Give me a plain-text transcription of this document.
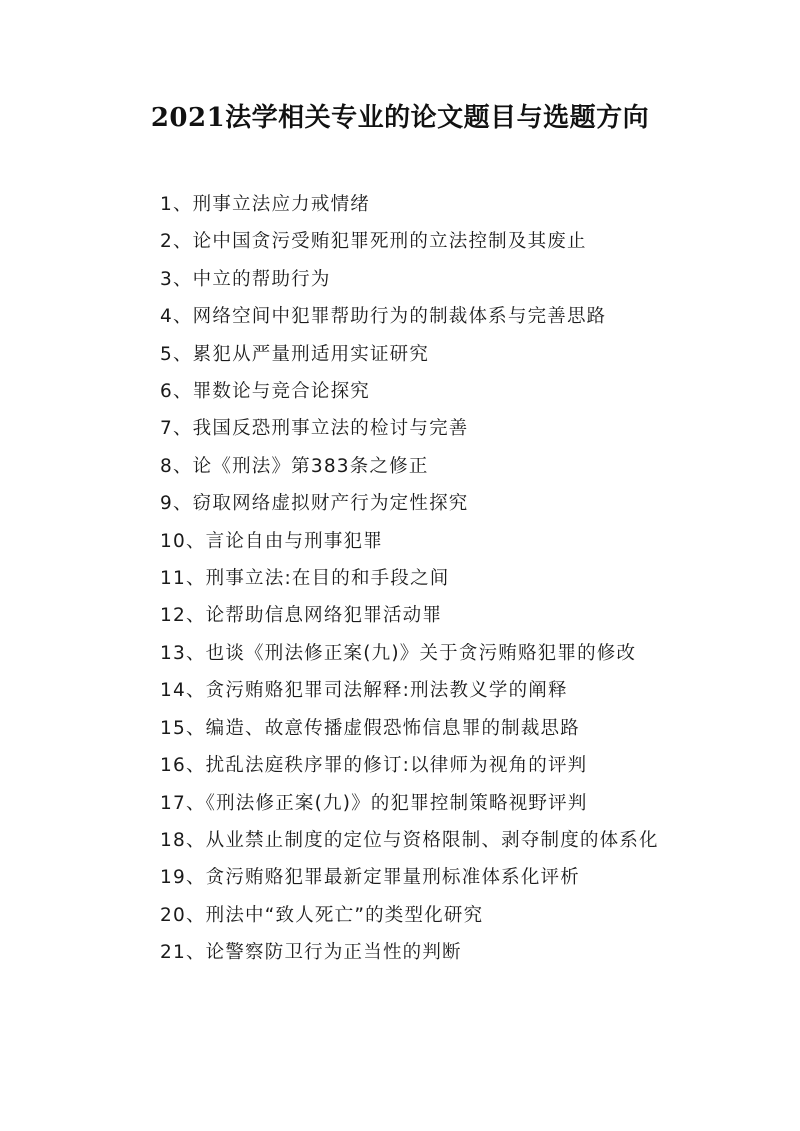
2021法学相关专业的论文题目与选题方向
1、刑事立法应力戒情绪
2、论中国贪污受贿犯罪死刑的立法控制及其废止
3、中立的帮助行为
4、网络空间中犯罪帮助行为的制裁体系与完善思路
5、累犯从严量刑适用实证研究
6、罪数论与竞合论探究
7、我国反恐刑事立法的检讨与完善
8、论《刑法》第383条之修正
9、窃取网络虚拟财产行为定性探究
10、言论自由与刑事犯罪
11、刑事立法:在目的和手段之间
12、论帮助信息网络犯罪活动罪
13、也谈《刑法修正案(九)》关于贪污贿赂犯罪的修改
14、贪污贿赂犯罪司法解释:刑法教义学的阐释
15、编造、故意传播虚假恐怖信息罪的制裁思路
16、扰乱法庭秩序罪的修订:以律师为视角的评判
17、《刑法修正案(九)》的犯罪控制策略视野评判
18、从业禁止制度的定位与资格限制、剥夺制度的体系化
19、贪污贿赂犯罪最新定罪量刑标准体系化评析
20、刑法中“致人死亡”的类型化研究
21、论警察防卫行为正当性的判断
